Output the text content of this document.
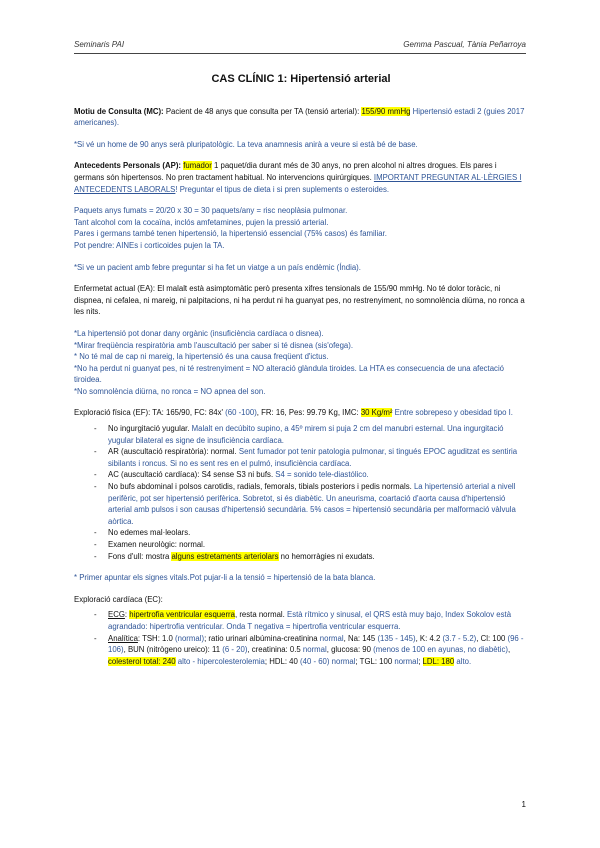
Seminaris PAI	Gemma Pascual, Tània Peñarroya
CAS CLÍNIC 1: Hipertensió arterial

Motiu de Consulta (MC): Pacient de 48 anys que consulta per TA (tensió arterial): 155/90 mmHg Hipertensió estadi 2 (guies 2017 americanes).

*Si vé un home de 90 anys serà pluripatològic. La teva anamnesis anirà a veure si està bé de base.

Antecedents Personals (AP): fumador 1 paquet/dia durant més de 30 anys, no pren alcohol ni altres drogues. Els pares i germans són hipertensos. No pren tractament habitual. No intervencions quirúrgiques. IMPORTANT PREGUNTAR AL·LÈRGIES I ANTECEDENTS LABORALS! Preguntar el tipus de dieta i si pren suplements o esteroides.

Paquets anys fumats = 20/20 x 30 = 30 paquets/any = risc neoplàsia pulmonar.
Tant alcohol com la cocaïna, inclós amfetamines, pujen la pressió arterial.
Pares i germans també tenen hipertensió, la hipertensió essencial (75% casos) és familiar.
Pot pendre: AINEs i corticoides pujen la TA.

*Si ve un pacient amb febre preguntar si ha fet un viatge a un país endèmic (Índia).

Enfermetat actual (EA): El malalt està asimptomàtic però presenta xifres tensionals de 155/90 mmHg. No té dolor toràcic, ni dispnea, ni cefalea, ni mareig, ni palpitacions, ni ha perdut ni ha guanyat pes, no restrenyiment, no somnolència diürna, no ronca a les nits.

*La hipertensió pot donar dany orgànic (insuficiència cardíaca o disnea).
*Mirar freqüència respiratòria amb l'auscultació per saber si té disnea (sis'ofega).
* No té mal de cap ni mareig, la hipertensió és una causa freqüent d'ictus.
*No ha perdut ni guanyat pes, ni té restrenyiment = NO alteració glàndula tiroides. La HTA es consecuencia de una afectació tiroidea.
*No somnolència diürna, no ronca = NO apnea del son.

Exploració física (EF): TA: 165/90, FC: 84x' (60 -100), FR: 16, Pes: 99.79 Kg, IMC: 30 Kg/m² Entre sobrepeso y obesidad tipo I.

- No ingurgitació yugular. Malalt en decúbito supino, a 45º mirem si puja 2 cm del manubri esternal. Una ingurgitació yugular bilateral es signe de insuficiència cardíaca.
- AR (auscultació respiratòria): normal. Sent fumador pot tenir patologia pulmonar, si tingués EPOC aguditzat es sentiria sibilants i roncus. Si no es sent res en el pulmó, insuficiència cardíaca.
- AC (auscultació cardíaca): S4 sense S3 ni bufs. S4 = sonido tele-diastólico.
- No bufs abdominal i polsos carotidis, radials, femorals, tibials posteriors i pedis normals. La hipertensió arterial a nivell perifèric, pot ser hipertensió perifèrica. Sobretot, si és diabètic. Un aneurisma, coartació d'aorta causa d'hipertensió arterial amb pulsos i son causas d'hipertensió secundària. 5% casos = hipertensió secundària per malformació vàlvula aòrtica.
- No edemes mal·leolars.
- Examen neurològic: normal.
- Fons d'ull: mostra alguns estretaments arteriolars no hemorràgies ni exudats.

* Primer apuntar els signes vitals.Pot pujar-li a la tensió = hipertensió de la bata blanca.

Exploració cardíaca (EC):

- ECG: hipertrofia ventricular esquerra, resta normal. Està rítmico y sinusal, el QRS està muy bajo, Index Sokolov està agrandado: hipertrofia ventricular. Onda T negativa = hipertrofia ventricular esquerra.
- Analítica: TSH: 1.0 (normal); ratio urinari albúmina-creatinina normal, Na: 145 (135 - 145), K: 4.2 (3.7 - 5.2), Cl: 100 (96 - 106), BUN (nitrògeno ureico): 11 (6 - 20), creatinina: 0.5 normal, glucosa: 90 (menos de 100 en ayunas, no diabètic), colesterol total: 240 alto - hipercolesterolemia; HDL: 40 (40 - 60) normal; TGL: 100 normal; LDL: 180 alto.
1
